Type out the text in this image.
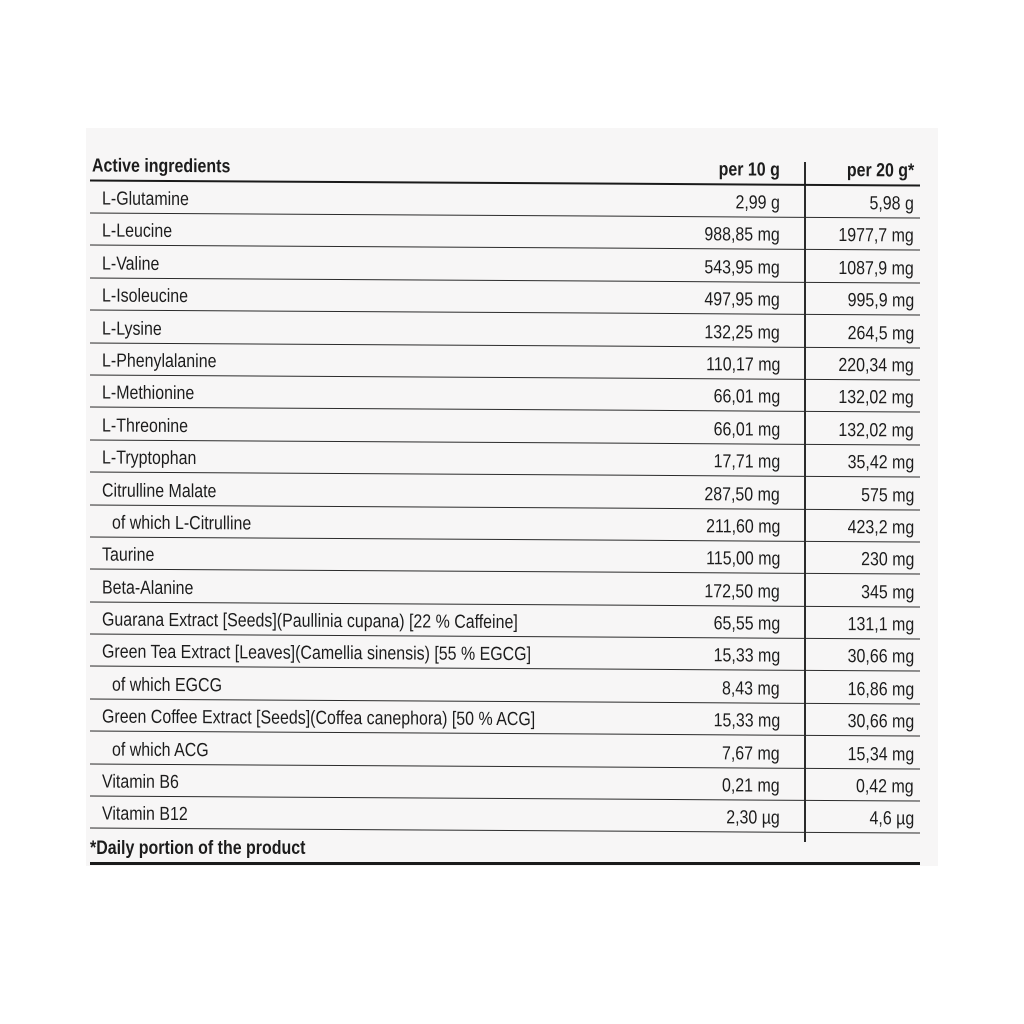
Active ingredients	per 10 g	per 20 g*
L-Glutamine	2,99 g	5,98 g
L-Leucine	988,85 mg	1977,7 mg
L-Valine	543,95 mg	1087,9 mg
L-Isoleucine	497,95 mg	995,9 mg
L-Lysine	132,25 mg	264,5 mg
L-Phenylalanine	110,17 mg	220,34 mg
L-Methionine	66,01 mg	132,02 mg
L-Threonine	66,01 mg	132,02 mg
L-Tryptophan	17,71 mg	35,42 mg
Citrulline Malate	287,50 mg	575 mg
of which L-Citrulline	211,60 mg	423,2 mg
Taurine	115,00 mg	230 mg
Beta-Alanine	172,50 mg	345 mg
Guarana Extract [Seeds](Paullinia cupana) [22 % Caffeine]	65,55 mg	131,1 mg
Green Tea Extract [Leaves](Camellia sinensis) [55 % EGCG]	15,33 mg	30,66 mg
of which EGCG	8,43 mg	16,86 mg
Green Coffee Extract [Seeds](Coffea canephora) [50 % ACG]	15,33 mg	30,66 mg
of which ACG	7,67 mg	15,34 mg
Vitamin B6	0,21 mg	0,42 mg
Vitamin B12	2,30 µg	4,6 µg
*Daily portion of the product
